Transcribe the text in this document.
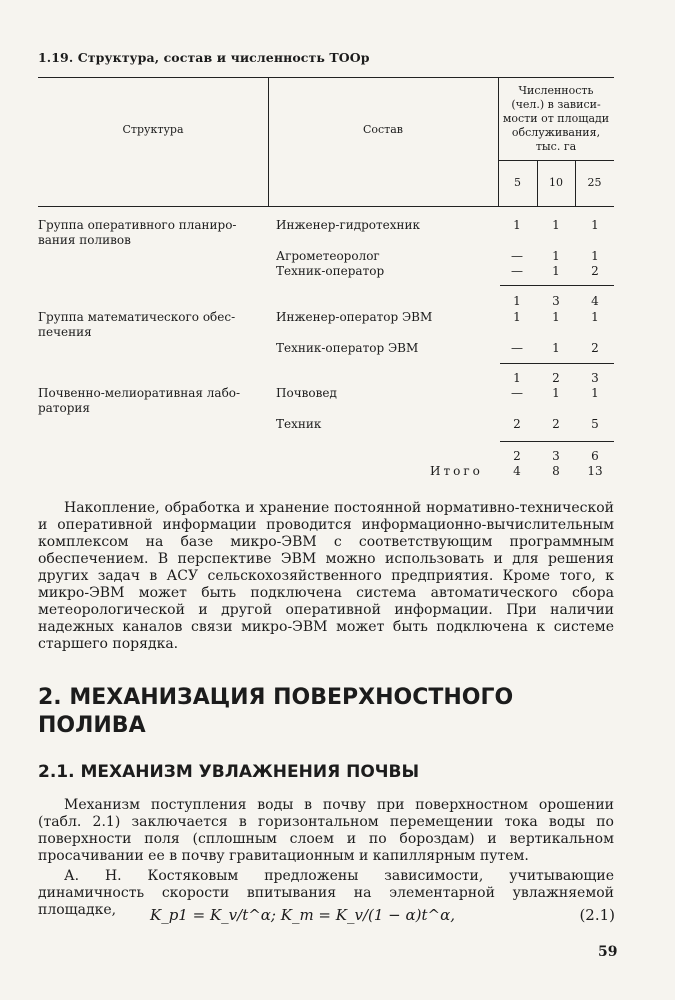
1.19. Структура, состав и численность ТООр
Структура	Состав
Численность
(чел.) в зависи-
мости от площади
обслуживания,
тыс. га
5	10	25
Группа оперативного планиро-
вания поливов
Инженер-гидротехник	1	1	1
Агрометеоролог	—	1	1
Техник-оператор	—	1	2
1	3	4
Группа математического обес-
печения
Инженер-оператор ЭВМ	1	1	1
Техник-оператор ЭВМ	—	1	2
1	2	3
Почвенно-мелиоративная лабо-
ратория
Почвовед	—	1	1
Техник	2	2	5
2	3	6
Итого	4	8	13
Накопление, обработка и хранение постоянной нормативно-технической и оперативной информации проводится информационно-вычислительным комплексом на базе микро-ЭВМ с соответствующим программным обеспечением. В перспективе ЭВМ можно использовать и для решения других задач в АСУ сельскохозяйственного предприятия. Кроме того, к микро-ЭВМ может быть подключена система автоматического сбора метеорологической и другой оперативной информации. При наличии надежных каналов связи микро-ЭВМ может быть подключена к системе старшего порядка.
2. МЕХАНИЗАЦИЯ ПОВЕРХНОСТНОГО ПОЛИВА
2.1. МЕХАНИЗМ УВЛАЖНЕНИЯ ПОЧВЫ
Механизм поступления воды в почву при поверхностном орошении (табл. 2.1) заключается в горизонтальном перемещении тока воды по поверхности поля (сплошным слоем и по бороздам) и вертикальном просачивании ее в почву гравитационным и капиллярным путем.
А. Н. Костяковым предложены зависимости, учитывающие динамичность скорости впитывания на элементарной увлажняемой площадке,	K_p1 = K_v/t^α; K_m = K_v/(1 − α)t^α,	(2.1)
59
